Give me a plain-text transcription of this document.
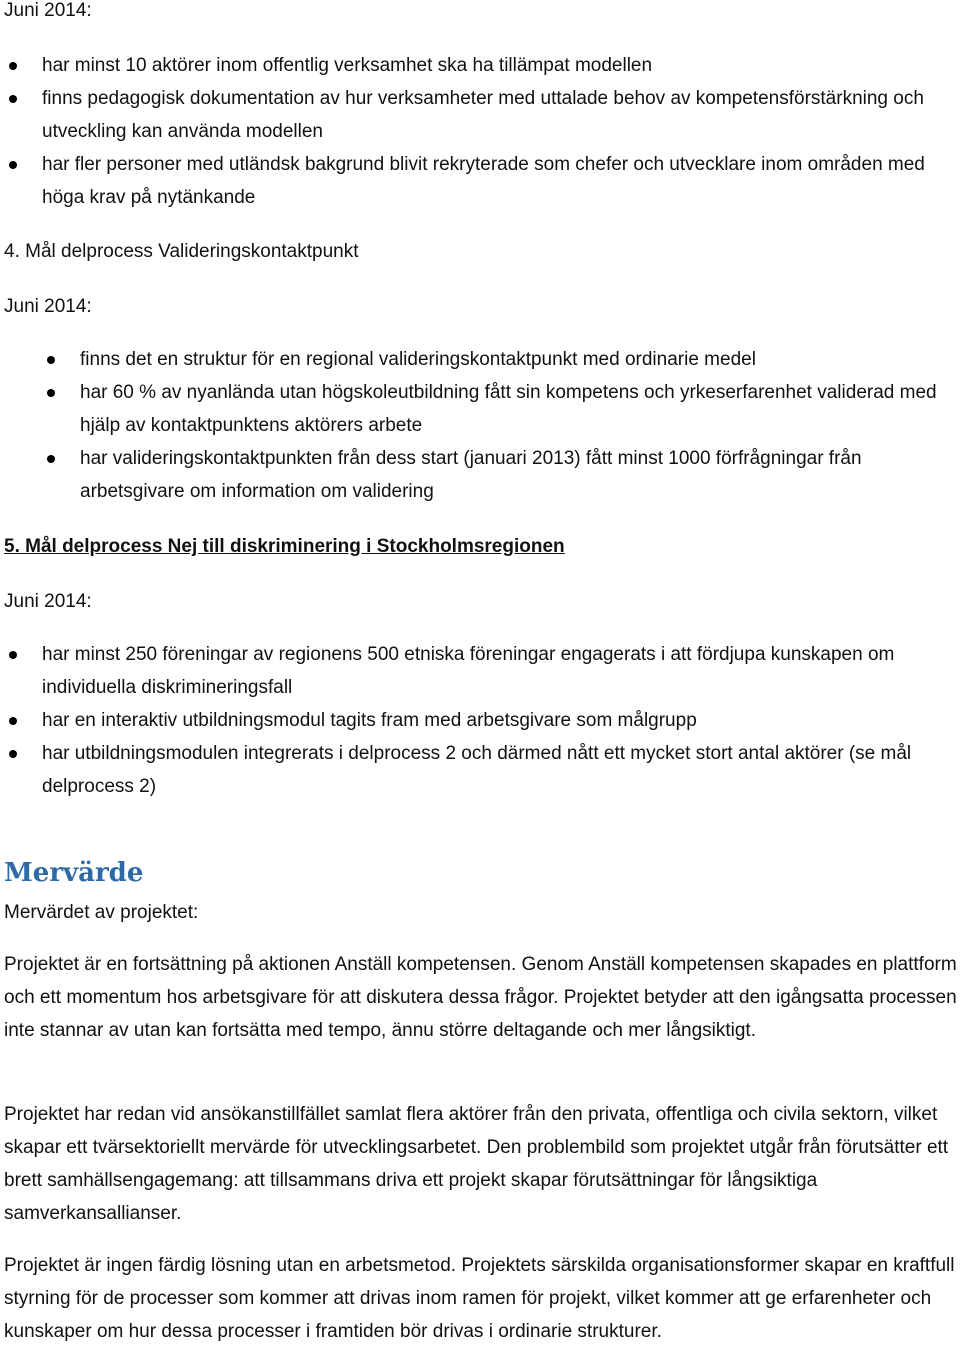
Juni 2014:

har minst 10 aktörer inom offentlig verksamhet ska ha tillämpat modellen
finns pedagogisk dokumentation av hur verksamheter med uttalade behov av kompetensförstärkning och utveckling kan använda modellen
har fler personer med utländsk bakgrund blivit rekryterade som chefer och utvecklare inom områden med höga krav på nytänkande

4. Mål delprocess Valideringskontaktpunkt

Juni 2014:

finns det en struktur för en regional valideringskontaktpunkt med ordinarie medel
har 60 % av nyanlända utan högskoleutbildning fått sin kompetens och yrkeserfarenhet validerad med hjälp av kontaktpunktens aktörers arbete
har valideringskontaktpunkten från dess start (januari 2013) fått minst 1000 förfrågningar från arbetsgivare om information om validering

5. Mål delprocess Nej till diskriminering i Stockholmsregionen

Juni 2014:

har minst 250 föreningar av regionens 500 etniska föreningar engagerats i att fördjupa kunskapen om individuella diskrimineringsfall
har en interaktiv utbildningsmodul tagits fram med arbetsgivare som målgrupp
har utbildningsmodulen integrerats i delprocess 2 och därmed nått ett mycket stort antal aktörer (se mål delprocess 2)
Mervärde

Mervärdet av projektet:

Projektet är en fortsättning på aktionen Anställ kompetensen. Genom Anställ kompetensen skapades en plattform och ett momentum hos arbetsgivare för att diskutera dessa frågor. Projektet betyder att den igångsatta processen inte stannar av utan kan fortsätta med tempo, ännu större deltagande och mer långsiktigt.

Projektet har redan vid ansökanstillfället samlat flera aktörer från den privata, offentliga och civila sektorn, vilket skapar ett tvärsektoriellt mervärde för utvecklingsarbetet. Den problembild som projektet utgår från förutsätter ett brett samhällsengagemang: att tillsammans driva ett projekt skapar förutsättningar för långsiktiga samverkansallianser.

Projektet är ingen färdig lösning utan en arbetsmetod. Projektets särskilda organisationsformer skapar en kraftfull styrning för de processer som kommer att drivas inom ramen för projekt, vilket kommer att ge erfarenheter och kunskaper om hur dessa processer i framtiden bör drivas i ordinarie strukturer.
